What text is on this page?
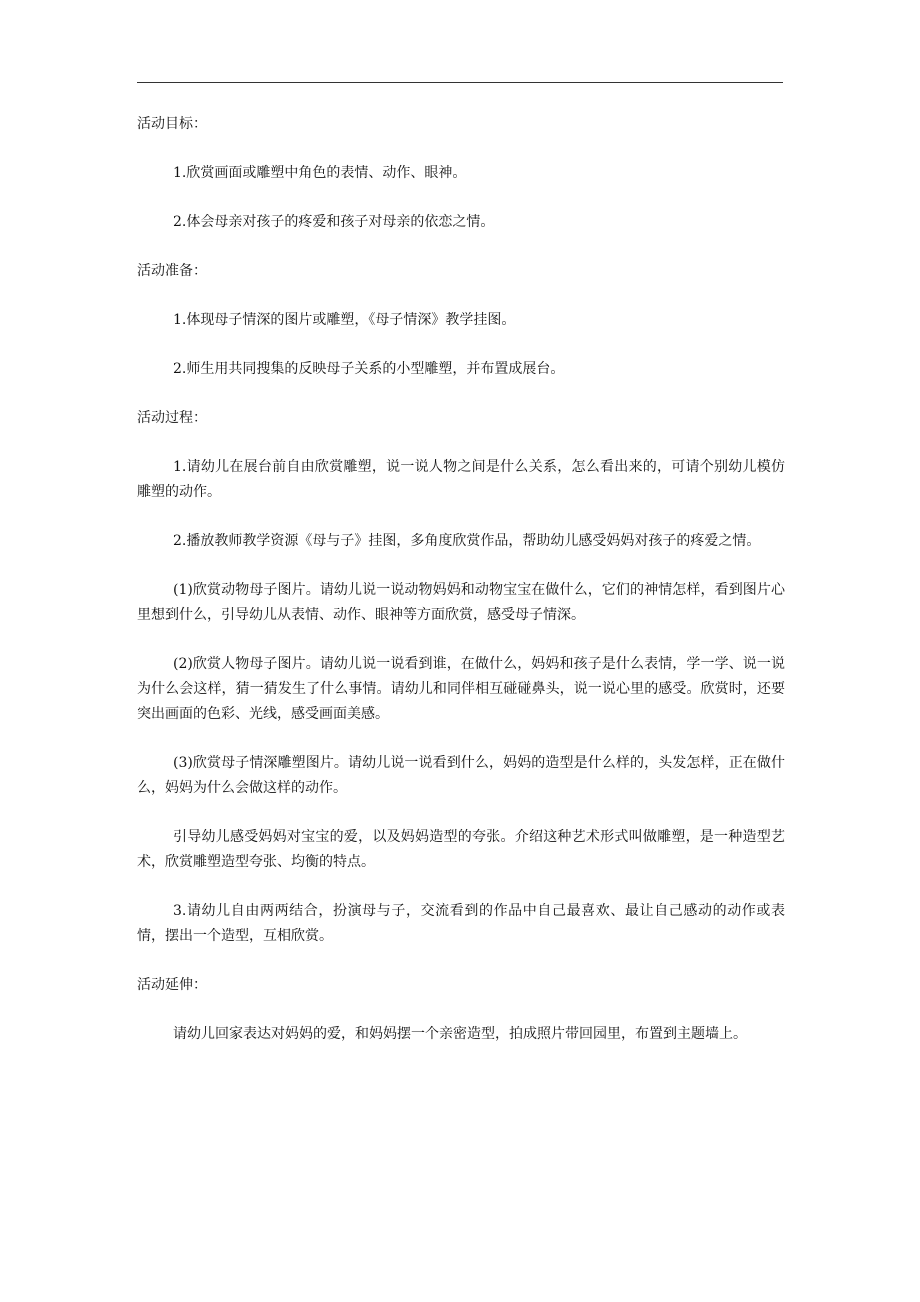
活动目标：

1.欣赏画面或雕塑中角色的表情、动作、眼神。

2.体会母亲对孩子的疼爱和孩子对母亲的依恋之情。

活动准备：

1.体现母子情深的图片或雕塑，《母子情深》教学挂图。

2.师生用共同搜集的反映母子关系的小型雕塑，并布置成展台。

活动过程：

1.请幼儿在展台前自由欣赏雕塑，说一说人物之间是什么关系，怎么看出来的，可请个别幼儿模仿雕塑的动作。

2.播放教师教学资源《母与子》挂图，多角度欣赏作品，帮助幼儿感受妈妈对孩子的疼爱之情。

(1)欣赏动物母子图片。请幼儿说一说动物妈妈和动物宝宝在做什么，它们的神情怎样，看到图片心里想到什么，引导幼儿从表情、动作、眼神等方面欣赏，感受母子情深。

(2)欣赏人物母子图片。请幼儿说一说看到谁，在做什么，妈妈和孩子是什么表情，学一学、说一说为什么会这样，猜一猜发生了什么事情。请幼儿和同伴相互碰碰鼻头，说一说心里的感受。欣赏时，还要突出画面的色彩、光线，感受画面美感。

(3)欣赏母子情深雕塑图片。请幼儿说一说看到什么，妈妈的造型是什么样的，头发怎样，正在做什么，妈妈为什么会做这样的动作。

引导幼儿感受妈妈对宝宝的爱，以及妈妈造型的夸张。介绍这种艺术形式叫做雕塑，是一种造型艺术，欣赏雕塑造型夸张、均衡的特点。

3.请幼儿自由两两结合，扮演母与子，交流看到的作品中自己最喜欢、最让自己感动的动作或表情，摆出一个造型，互相欣赏。

活动延伸：

请幼儿回家表达对妈妈的爱，和妈妈摆一个亲密造型，拍成照片带回园里，布置到主题墙上。
